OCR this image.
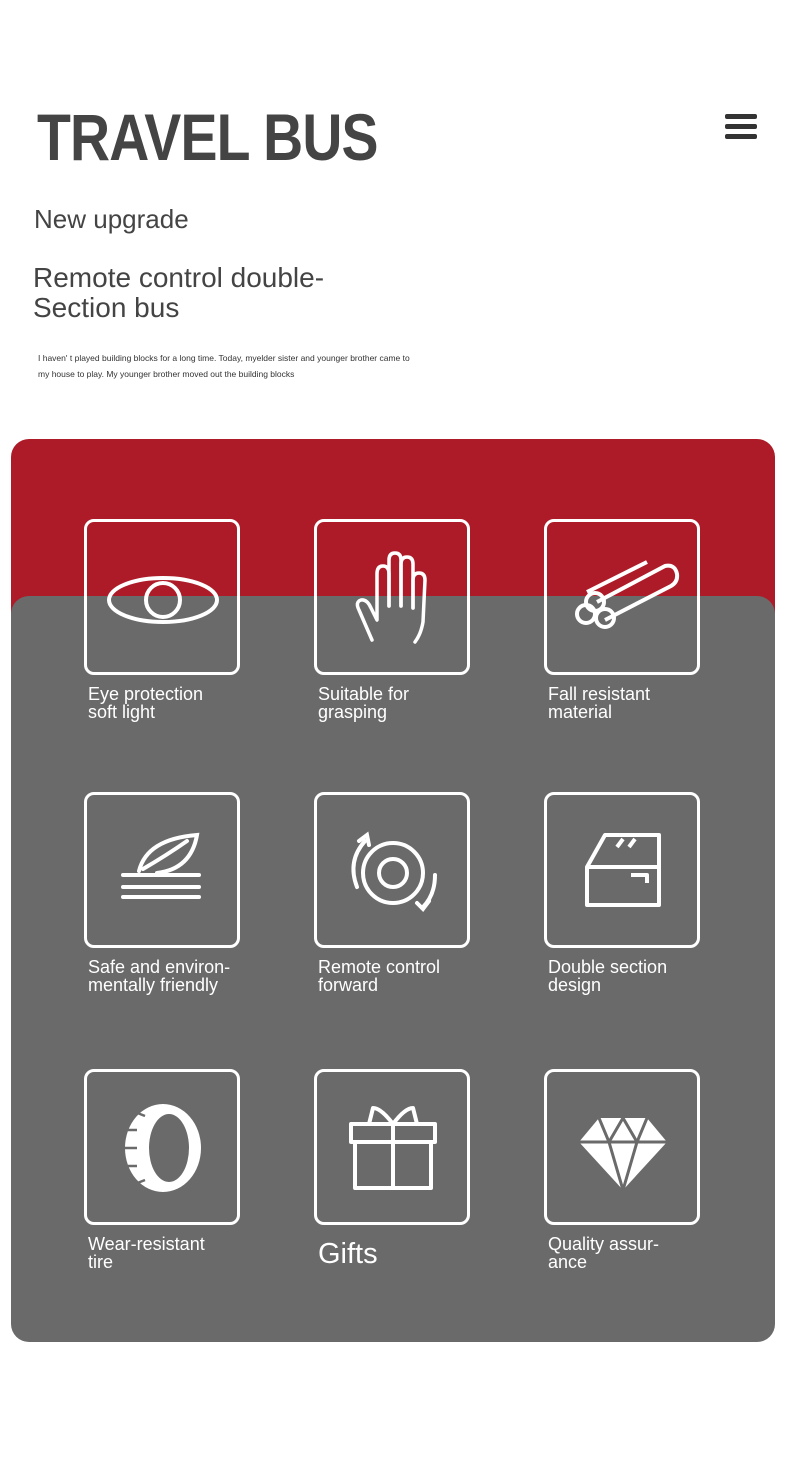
TRAVEL BUS
New upgrade
Remote control double-
Section bus
I haven' t played building blocks for a long time. Today, myelder sister and younger brother came to my house to play. My younger brother moved out the building blocks
Eye protection
soft light
Suitable for
grasping
Fall resistant
material
Safe and environ-
mentally friendly
Remote control
forward
Double section
design
Wear-resistant
tire	Gifts	Quality assur-
ance
